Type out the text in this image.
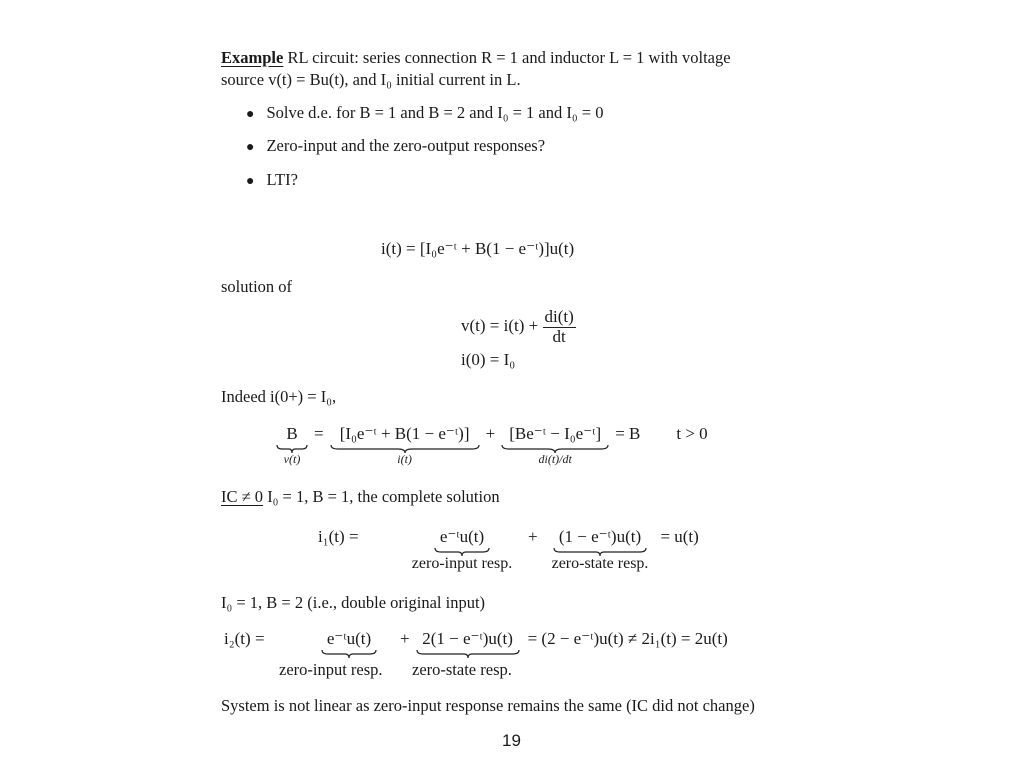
Example RL circuit: series connection R = 1 and inductor L = 1 with voltage
source v(t) = Bu(t), and I₀ initial current in L.
● Solve d.e. for B = 1 and B = 2 and I₀ = 1 and I₀ = 0
● Zero-input and the zero-output responses?
● LTI?
i(t) = [I₀e⁻ᵗ + B(1 − e⁻ᵗ)]u(t)
solution of
$v(t) = i(t) + \frac{di(t)}{dt}$
i(0) = I₀
Indeed i(0+) = I₀,
B
v(t)
= [I₀e⁻ᵗ + B(1 − e⁻ᵗ)]
i(t)
+ [Be⁻ᵗ − I₀e⁻ᵗ]
di(t)/dt
= B t > 0
IC ≠ 0 I₀ = 1, B = 1, the complete solution
i₁(t) =	e⁻ᵗu(t)
zero-input resp.
+	(1 − e⁻ᵗ)u(t)
zero-state resp.
= u(t)
I₀ = 1, B = 2 (i.e., double original input)
i₂(t) =	e⁻ᵗu(t)	+ 2(1 − e⁻ᵗ)u(t) = (2 − e⁻ᵗ)u(t) ≠ 2i₁(t) = 2u(t)
zero-input resp. zero-state resp.
System is not linear as zero-input response remains the same (IC did not change)
19
